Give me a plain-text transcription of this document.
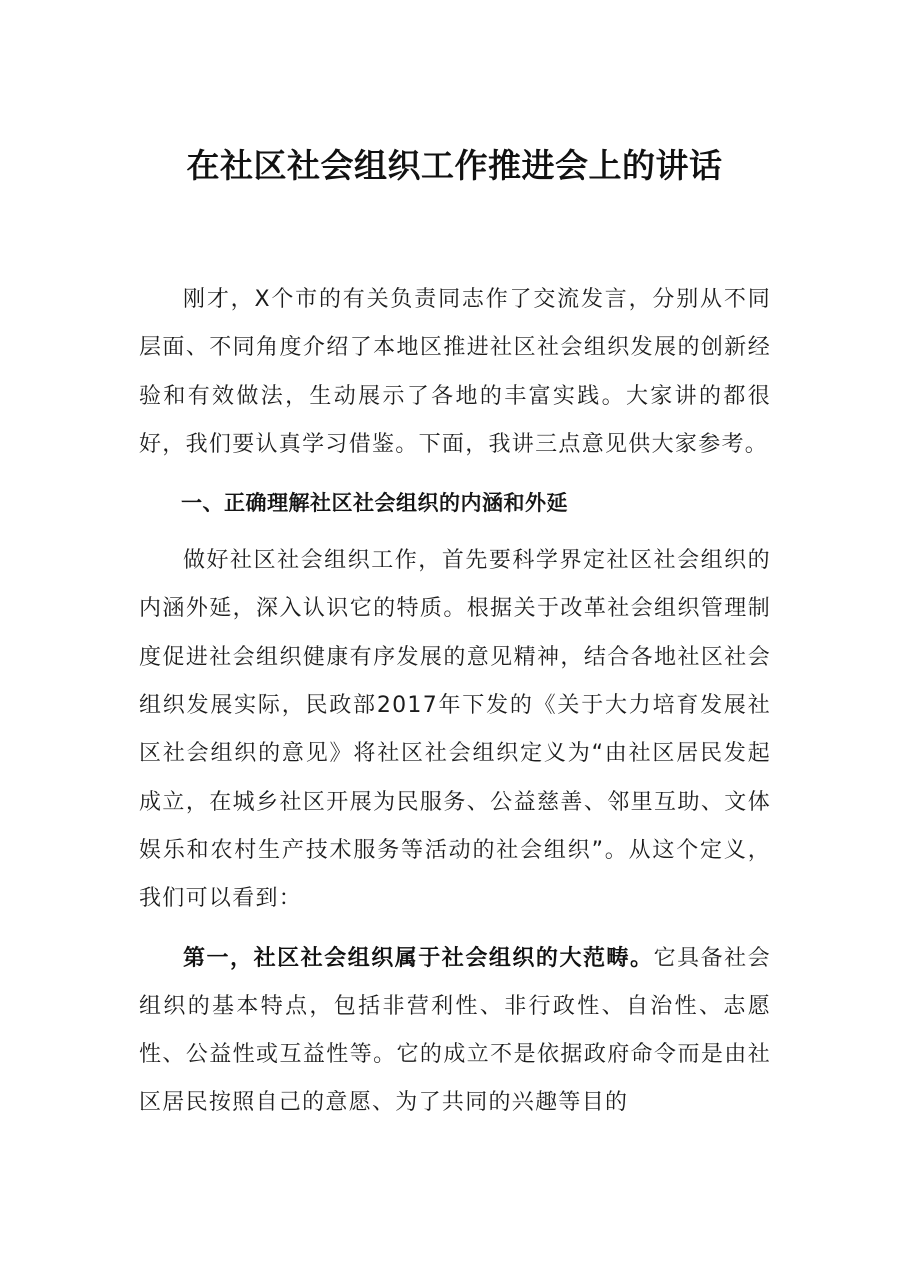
在社区社会组织工作推进会上的讲话

刚才，X个市的有关负责同志作了交流发言，分别从不同层面、不同角度介绍了本地区推进社区社会组织发展的创新经验和有效做法，生动展示了各地的丰富实践。大家讲的都很好，我们要认真学习借鉴。下面，我讲三点意见供大家参考。

一、正确理解社区社会组织的内涵和外延

做好社区社会组织工作，首先要科学界定社区社会组织的内涵外延，深入认识它的特质。根据关于改革社会组织管理制度促进社会组织健康有序发展的意见精神，结合各地社区社会组织发展实际，民政部2017年下发的《关于大力培育发展社区社会组织的意见》将社区社会组织定义为“由社区居民发起成立，在城乡社区开展为民服务、公益慈善、邻里互助、文体娱乐和农村生产技术服务等活动的社会组织”。从这个定义，我们可以看到：

第一，社区社会组织属于社会组织的大范畴。它具备社会组织的基本特点，包括非营利性、非行政性、自治性、志愿性、公益性或互益性等。它的成立不是依据政府命令而是由社区居民按照自己的意愿、为了共同的兴趣等目的
